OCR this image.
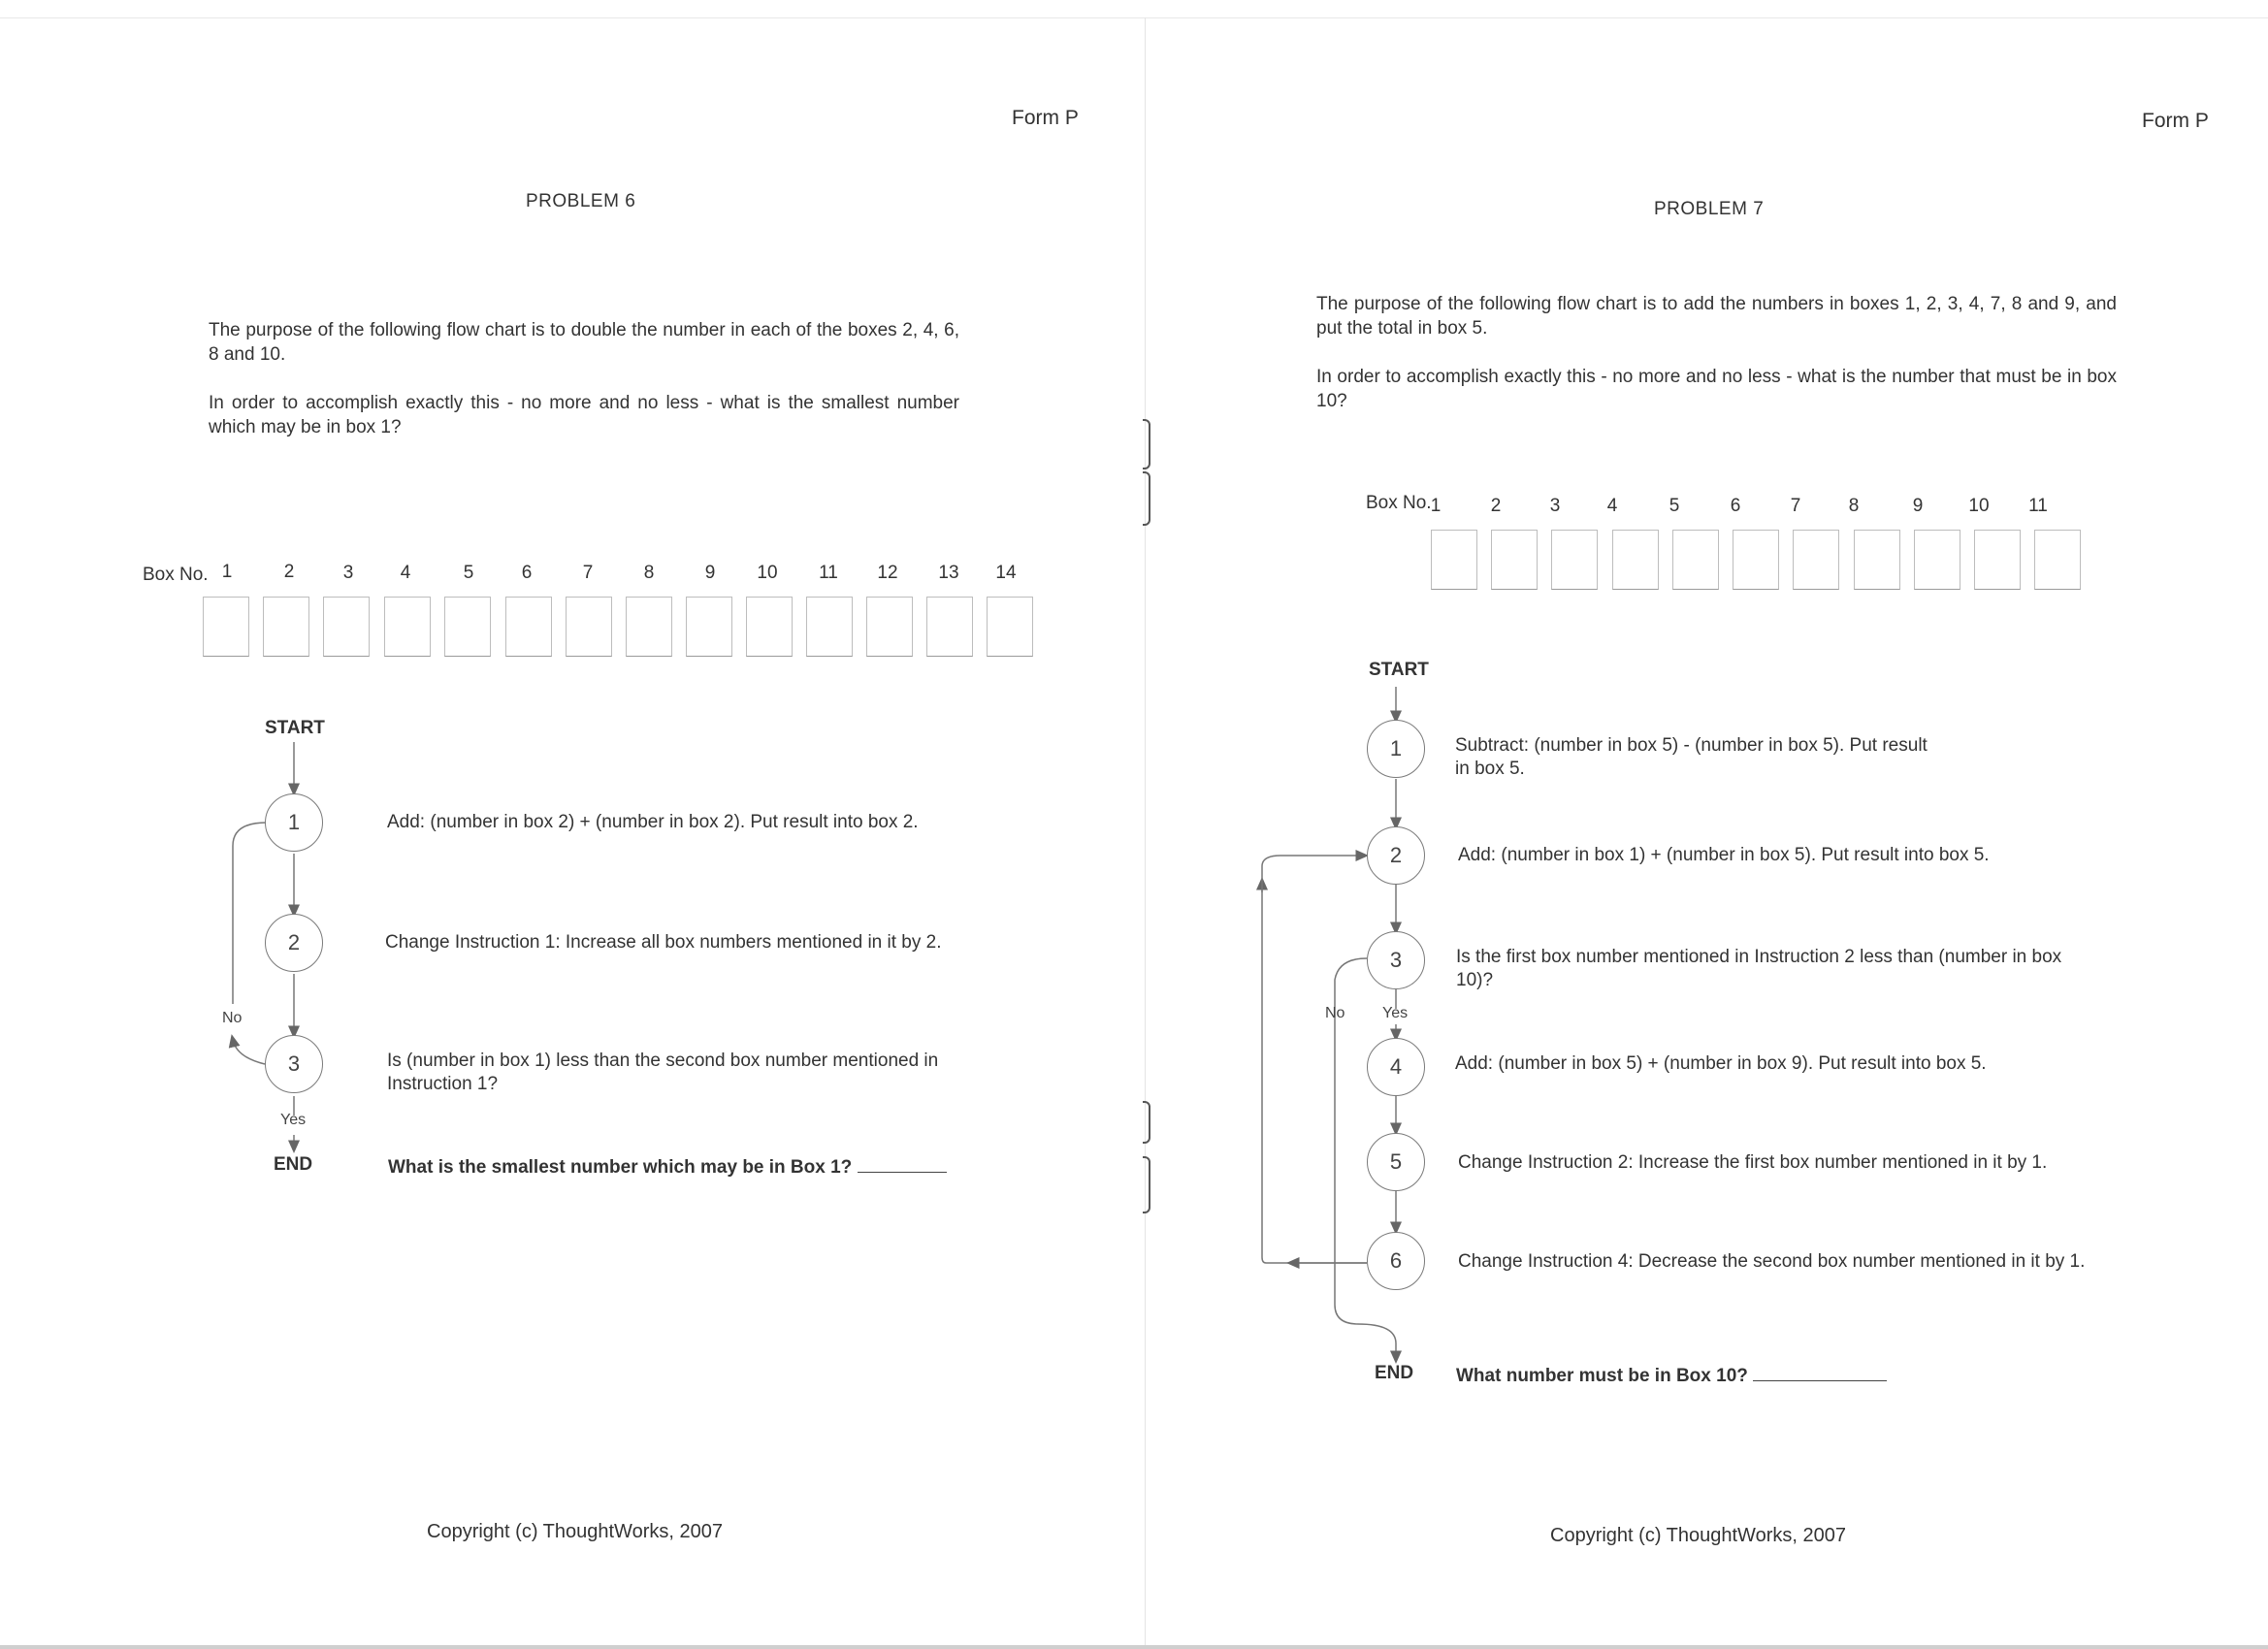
Form P
PROBLEM 6
The purpose of the following flow chart is to double the number in each of the boxes 2, 4, 6, 8 and 10.
In order to accomplish exactly this - no more and no less - what is the smallest number which may be in box 1?
Box No. 1	2	3	4	5	6	7	8	9	10	11	12	13	14
START
1
2
3
Add: (number in box 2) + (number in box 2). Put result into box 2.
Change Instruction 1: Increase all box numbers mentioned in it by 2.
Is (number in box 1) less than the second box number mentioned in Instruction 1?
No
Yes
END	What is the smallest number which may be in Box 1?
Copyright (c) ThoughtWorks, 2007
Form P
PROBLEM 7
The purpose of the following flow chart is to add the numbers in boxes 1, 2, 3, 4, 7, 8 and 9, and put the total in box 5.
In order to accomplish exactly this - no more and no less - what is the number that must be in box 10?
Box No. 1	2	3	4	5	6	7	8	9	10	11
START
1
2
3
4
5
6
Subtract: (number in box 5) - (number in box 5). Put result in box 5.
Add: (number in box 1) + (number in box 5). Put result into box 5.
Is the first box number mentioned in Instruction 2 less than (number in box 10)?
Add: (number in box 5) + (number in box 9). Put result into box 5.
Change Instruction 2: Increase the first box number mentioned in it by 1.
Change Instruction 4: Decrease the second box number mentioned in it by 1.
No Yes
END What number must be in Box 10?
Copyright (c) ThoughtWorks, 2007
